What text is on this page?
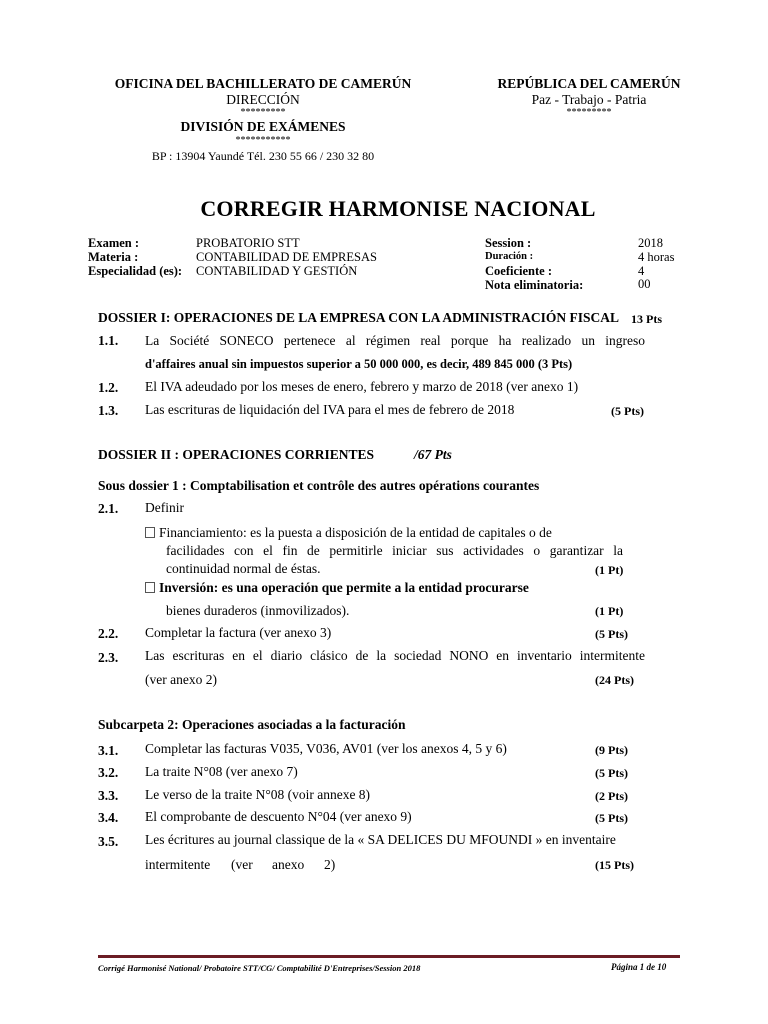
OFICINA DEL BACHILLERATO DE CAMERÚN
DIRECCIÓN
*********
DIVISIÓN DE EXÁMENES
***********
BP : 13904 Yaundé Tél. 230 55 66 / 230 32 80
REPÚBLICA DEL CAMERÚN
Paz - Trabajo - Patria
*********
CORREGIR HARMONISE NACIONAL
Examen :	PROBATORIO STT
Materia :	CONTABILIDAD DE EMPRESAS
Especialidad (es): CONTABILIDAD Y GESTIÓN
Session :	2018
Duración :	4 horas
Coeficiente :	4
Nota eliminatoria:	00
DOSSIER I: OPERACIONES DE LA EMPRESA CON LA ADMINISTRACIÓN FISCAL 13 Pts
1.1. La Société SONECO pertenece al régimen real porque ha realizado un ingreso
d'affaires anual sin impuestos superior a 50 000 000, es decir, 489 845 000 (3 Pts)
1.2. El IVA adeudado por los meses de enero, febrero y marzo de 2018 (ver anexo 1)
1.3. Las escrituras de liquidación del IVA para el mes de febrero de 2018	(5 Pts)
DOSSIER II : OPERACIONES CORRIENTES	/67 Pts
Sous dossier 1 : Comptabilisation et contrôle des autres opérations courantes
2.1. Definir
Financiamiento: es la puesta a disposición de la entidad de capitales o de
facilidades con el fin de permitirle iniciar sus actividades o garantizar la
continuidad normal de éstas.	(1 Pt)
Inversión: es una operación que permite a la entidad procurarse
bienes duraderos (inmovilizados).	(1 Pt)
2.2. Completar la factura (ver anexo 3)	(5 Pts)
2.3. Las escrituras en el diario clásico de la sociedad NONO en inventario intermitente
(ver anexo 2)	(24 Pts)
Subcarpeta 2: Operaciones asociadas a la facturación
3.1. Completar las facturas V035, V036, AV01 (ver los anexos 4, 5 y 6)	(9 Pts)
3.2. La traite N°08 (ver anexo 7)	(5 Pts)
3.3. Le verso de la traite N°08 (voir annexe 8)	(2 Pts)
3.4. El comprobante de descuento N°04 (ver anexo 9)	(5 Pts)
3.5. Les écritures au journal classique de la « SA DELICES DU MFOUNDI » en inventaire
intermitente (ver anexo 2)	(15 Pts)
Corrigé Harmonisé National/ Probatoire STT/CG/ Comptabilité D'Entreprises/Session 2018	Página 1 de 10
